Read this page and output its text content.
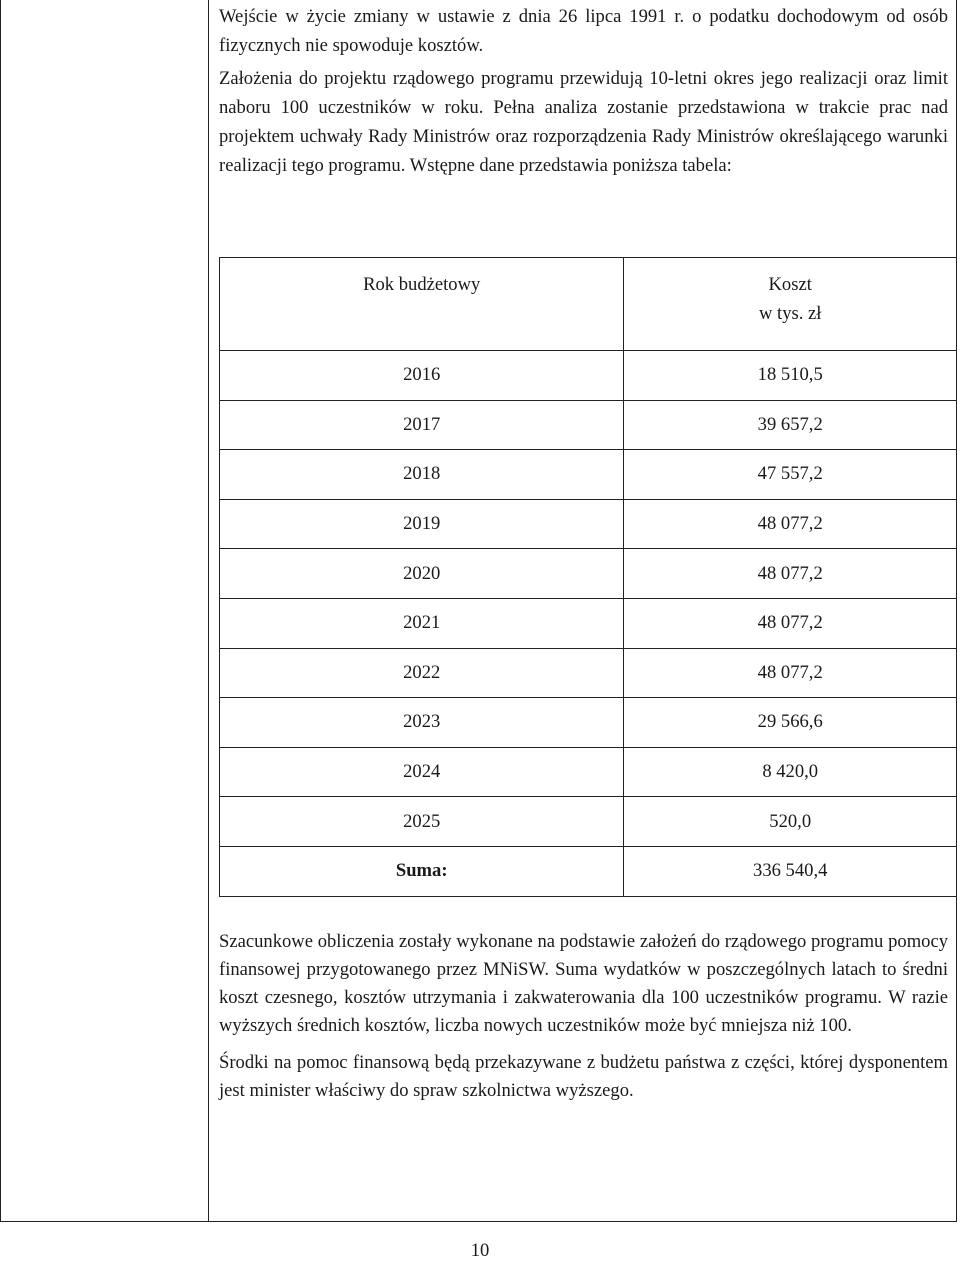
Wejście w życie zmiany w ustawie z dnia 26 lipca 1991 r. o podatku dochodowym od osób fizycznych nie spowoduje kosztów.

Założenia do projektu rządowego programu przewidują 10-letni okres jego realizacji oraz limit naboru 100 uczestników w roku. Pełna analiza zostanie przedstawiona w trakcie prac nad projektem uchwały Rady Ministrów oraz rozporządzenia Rady Ministrów określającego warunki realizacji tego programu. Wstępne dane przedstawia poniższa tabela:

Rok budżetowy	Koszt
w tys. zł
2016	18 510,5
2017	39 657,2
2018	47 557,2
2019	48 077,2
2020	48 077,2
2021	48 077,2
2022	48 077,2
2023	29 566,6
2024	8 420,0
2025	520,0
Suma:	336 540,4

Szacunkowe obliczenia zostały wykonane na podstawie założeń do rządowego programu pomocy finansowej przygotowanego przez MNiSW. Suma wydatków w poszczególnych latach to średni koszt czesnego, kosztów utrzymania i zakwaterowania dla 100 uczestników programu. W razie wyższych średnich kosztów, liczba nowych uczestników może być mniejsza niż 100.

Środki na pomoc finansową będą przekazywane z budżetu państwa z części, której dysponentem jest minister właściwy do spraw szkolnictwa wyższego.

10
